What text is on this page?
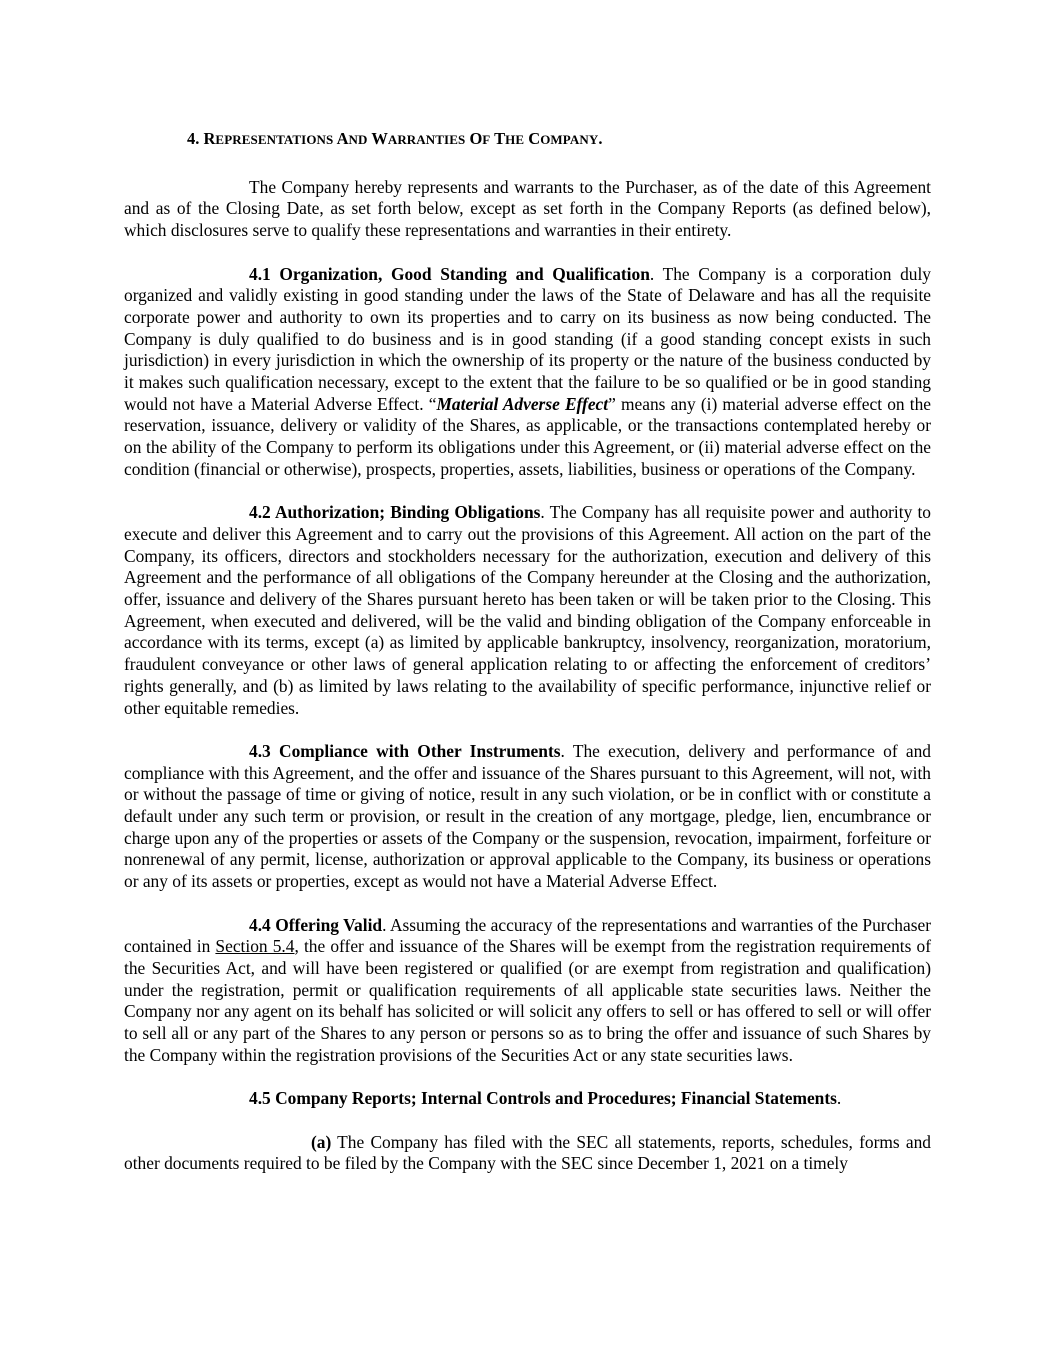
4. REPRESENTATIONS AND WARRANTIES OF THE COMPANY.

The Company hereby represents and warrants to the Purchaser, as of the date of this Agreement and as of the Closing Date, as set forth below, except as set forth in the Company Reports (as defined below), which disclosures serve to qualify these representations and warranties in their entirety.

4.1 Organization, Good Standing and Qualification. The Company is a corporation duly organized and validly existing in good standing under the laws of the State of Delaware and has all the requisite corporate power and authority to own its properties and to carry on its business as now being conducted. The Company is duly qualified to do business and is in good standing (if a good standing concept exists in such jurisdiction) in every jurisdiction in which the ownership of its property or the nature of the business conducted by it makes such qualification necessary, except to the extent that the failure to be so qualified or be in good standing would not have a Material Adverse Effect. “Material Adverse Effect” means any (i) material adverse effect on the reservation, issuance, delivery or validity of the Shares, as applicable, or the transactions contemplated hereby or on the ability of the Company to perform its obligations under this Agreement, or (ii) material adverse effect on the condition (financial or otherwise), prospects, properties, assets, liabilities, business or operations of the Company.

4.2 Authorization; Binding Obligations. The Company has all requisite power and authority to execute and deliver this Agreement and to carry out the provisions of this Agreement. All action on the part of the Company, its officers, directors and stockholders necessary for the authorization, execution and delivery of this Agreement and the performance of all obligations of the Company hereunder at the Closing and the authorization, offer, issuance and delivery of the Shares pursuant hereto has been taken or will be taken prior to the Closing. This Agreement, when executed and delivered, will be the valid and binding obligation of the Company enforceable in accordance with its terms, except (a) as limited by applicable bankruptcy, insolvency, reorganization, moratorium, fraudulent conveyance or other laws of general application relating to or affecting the enforcement of creditors’ rights generally, and (b) as limited by laws relating to the availability of specific performance, injunctive relief or other equitable remedies.

4.3 Compliance with Other Instruments. The execution, delivery and performance of and compliance with this Agreement, and the offer and issuance of the Shares pursuant to this Agreement, will not, with or without the passage of time or giving of notice, result in any such violation, or be in conflict with or constitute a default under any such term or provision, or result in the creation of any mortgage, pledge, lien, encumbrance or charge upon any of the properties or assets of the Company or the suspension, revocation, impairment, forfeiture or nonrenewal of any permit, license, authorization or approval applicable to the Company, its business or operations or any of its assets or properties, except as would not have a Material Adverse Effect.

4.4 Offering Valid. Assuming the accuracy of the representations and warranties of the Purchaser contained in Section 5.4, the offer and issuance of the Shares will be exempt from the registration requirements of the Securities Act, and will have been registered or qualified (or are exempt from registration and qualification) under the registration, permit or qualification requirements of all applicable state securities laws. Neither the Company nor any agent on its behalf has solicited or will solicit any offers to sell or has offered to sell or will offer to sell all or any part of the Shares to any person or persons so as to bring the offer and issuance of such Shares by the Company within the registration provisions of the Securities Act or any state securities laws.

4.5 Company Reports; Internal Controls and Procedures; Financial Statements.

(a) The Company has filed with the SEC all statements, reports, schedules, forms and other documents required to be filed by the Company with the SEC since December 1, 2021 on a timely
